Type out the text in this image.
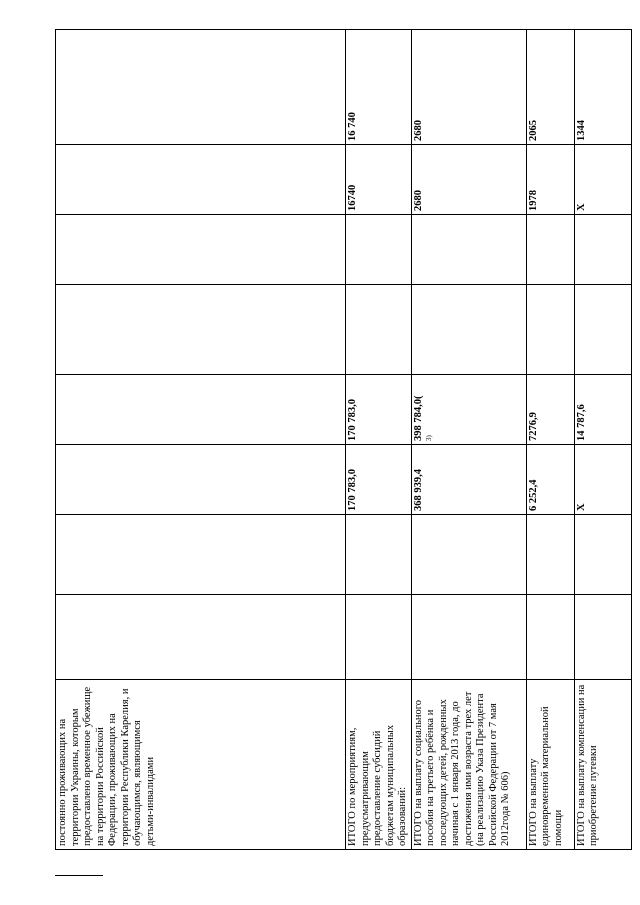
постоянно проживающих на территории Украины, которым предоставлено временное убежище на территории Российской Федерации, проживающих на территории Республики Карелия, и обучающимся, являющимся детьми-инвалидами								
ИТОГО по мероприятиям, предусматривающим предоставление субсидий бюджетам муниципальных образований:			170 783,0	170 783,0			16740	16 740
ИТОГО на выплату социального пособия на третьего ребёнка и последующих детей, рожденных начиная с 1 января 2013 года, до достижения ими возраста трех лет (на реализацию Указа Президента Российской Федерации от 7 мая 2012года № 606)			368 939,4	398 784,0( 3)			2680	2680
ИТОГО на выплату единовременной материальной помощи			6 252,4	7276,9			1978	2065
ИТОГО на выплату компенсации на приобретение путевки			X	14 787,6			X	1344
